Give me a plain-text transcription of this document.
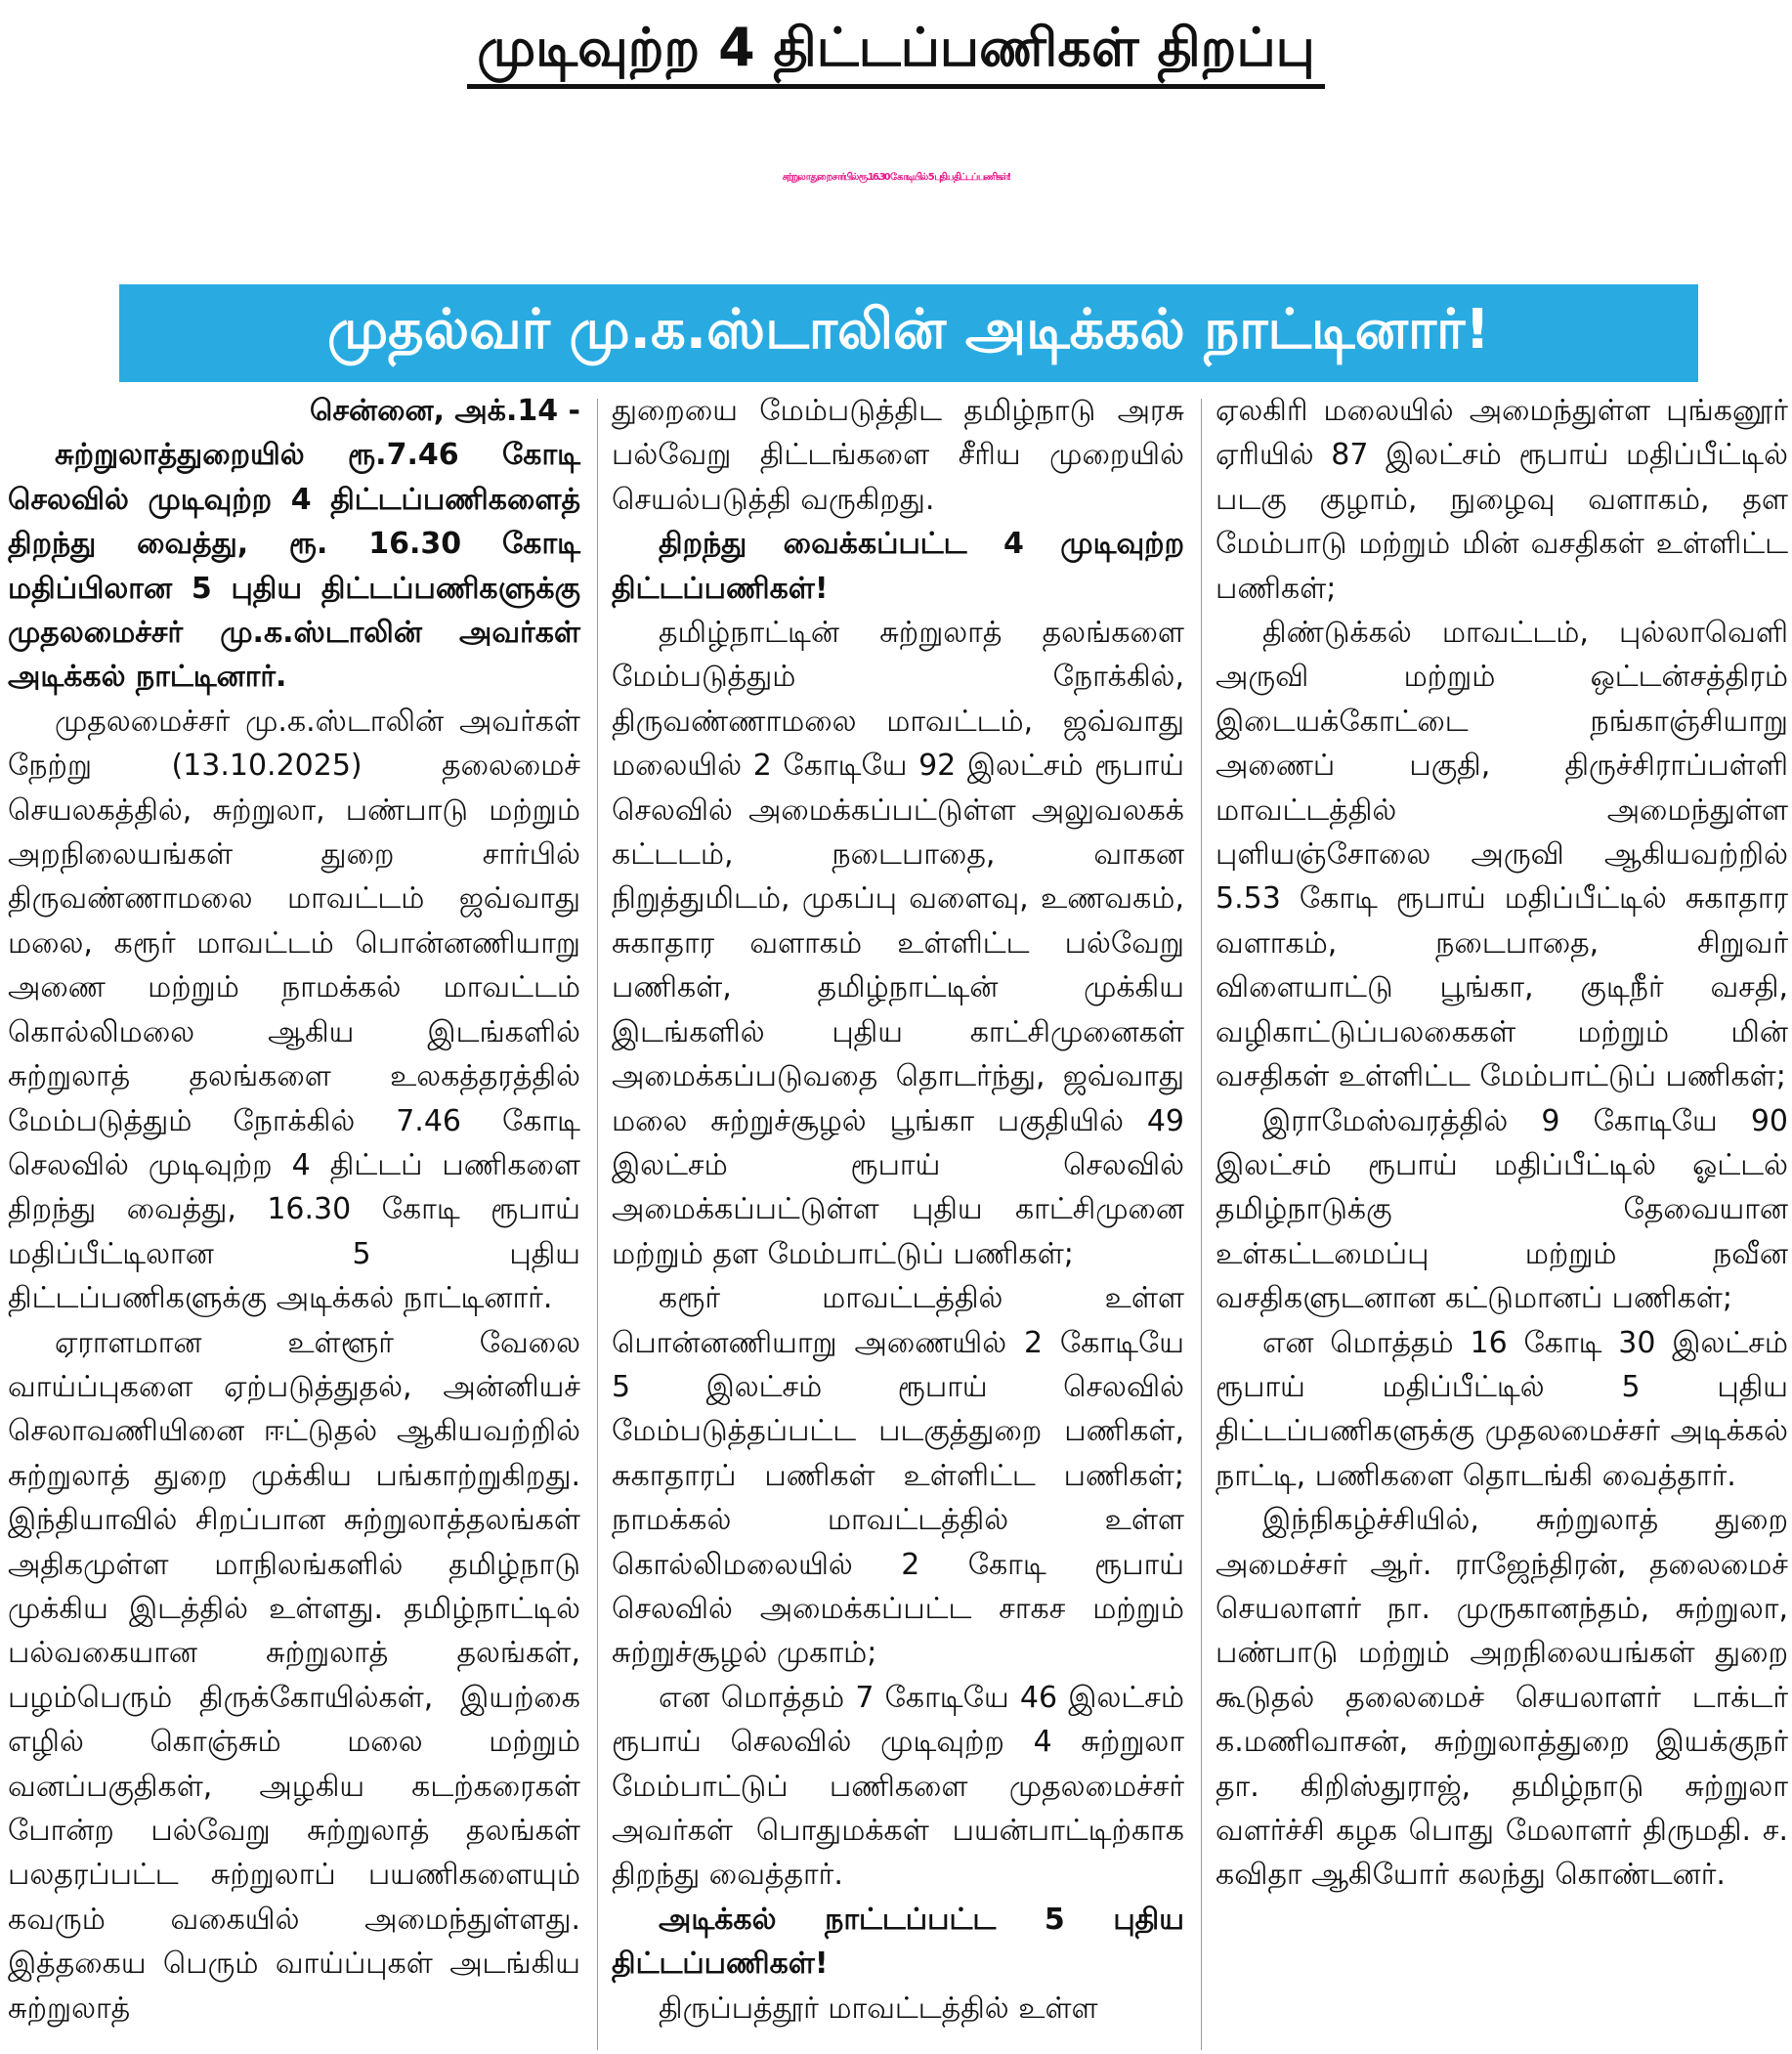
முடிவுற்ற 4 திட்டப்பணிகள் திறப்பு
சுற்றுலா துறை சார்பில் ரூ.16.30 கோடியில் 5 புதிய திட்டப் பணிகள்!
முதல்வர் மு.க.ஸ்டாலின் அடிக்கல் நாட்டினார்!
சென்னை, அக்.14 -

சுற்றுலாத்துறையில் ரூ.7.46 கோடி செலவில் முடிவுற்ற 4 திட்டப்பணிகளைத் திறந்து வைத்து, ரூ. 16.30 கோடி மதிப்பிலான 5 புதிய திட்டப்பணிகளுக்கு முதலமைச்சர் மு.க.ஸ்டாலின் அவர்கள் அடிக்கல் நாட்டினார்.

முதலமைச்சர் மு.க.ஸ்டாலின் அவர்கள் நேற்று (13.10.2025) தலைமைச் செயலகத்தில், சுற்றுலா, பண்பாடு மற்றும் அறநிலையங்கள் துறை சார்பில் திருவண்ணாமலை மாவட்டம் ஜவ்வாது மலை, கரூர் மாவட்டம் பொன்னணியாறு அணை மற்றும் நாமக்கல் மாவட்டம் கொல்லிமலை ஆகிய இடங்களில் சுற்றுலாத் தலங்களை உலகத்தரத்தில் மேம்படுத்தும் நோக்கில் 7.46 கோடி செலவில் முடிவுற்ற 4 திட்டப் பணிகளை திறந்து வைத்து, 16.30 கோடி ரூபாய் மதிப்பீட்டிலான 5 புதிய திட்டப்பணிகளுக்கு அடிக்கல் நாட்டினார்.

ஏராளமான உள்ளூர் வேலை வாய்ப்புகளை ஏற்படுத்துதல், அன்னியச் செலாவணியினை ஈட்டுதல் ஆகியவற்றில் சுற்றுலாத் துறை முக்கிய பங்காற்றுகிறது. இந்தியாவில் சிறப்பான சுற்றுலாத்தலங்கள் அதிகமுள்ள மாநிலங்களில் தமிழ்நாடு முக்கிய இடத்தில் உள்ளது. தமிழ்நாட்டில் பல்வகையான சுற்றுலாத் தலங்கள், பழம்பெரும் திருக்கோயில்கள், இயற்கை எழில் கொஞ்சும் மலை மற்றும் வனப்பகுதிகள், அழகிய கடற்கரைகள் போன்ற பல்வேறு சுற்றுலாத் தலங்கள் பலதரப்பட்ட சுற்றுலாப் பயணிகளையும் கவரும் வகையில் அமைந்துள்ளது. இத்தகைய பெரும் வாய்ப்புகள் அடங்கிய சுற்றுலாத்

துறையை மேம்படுத்திட தமிழ்நாடு அரசு பல்வேறு திட்டங்களை சீரிய முறையில் செயல்படுத்தி வருகிறது.

திறந்து வைக்கப்பட்ட 4 முடிவுற்ற திட்டப்பணிகள்!

தமிழ்நாட்டின் சுற்றுலாத் தலங்களை மேம்படுத்தும் நோக்கில், திருவண்ணாமலை மாவட்டம், ஜவ்வாது மலையில் 2 கோடியே 92 இலட்சம் ரூபாய் செலவில் அமைக்கப்பட்டுள்ள அலுவலகக் கட்டடம், நடைபாதை, வாகன நிறுத்துமிடம், முகப்பு வளைவு, உணவகம், சுகாதார வளாகம் உள்ளிட்ட பல்வேறு பணிகள், தமிழ்நாட்டின் முக்கிய இடங்களில் புதிய காட்சிமுனைகள் அமைக்கப்படுவதை தொடர்ந்து, ஜவ்வாது மலை சுற்றுச்சூழல் பூங்கா பகுதியில் 49 இலட்சம் ரூபாய் செலவில் அமைக்கப்பட்டுள்ள புதிய காட்சிமுனை மற்றும் தள மேம்பாட்டுப் பணிகள்;

கரூர் மாவட்டத்தில் உள்ள பொன்னணியாறு அணையில் 2 கோடியே 5 இலட்சம் ரூபாய் செலவில் மேம்படுத்தப்பட்ட படகுத்துறை பணிகள், சுகாதாரப் பணிகள் உள்ளிட்ட பணிகள்; நாமக்கல் மாவட்டத்தில் உள்ள கொல்லிமலையில் 2 கோடி ரூபாய் செலவில் அமைக்கப்பட்ட சாகச மற்றும் சுற்றுச்சூழல் முகாம்;

என மொத்தம் 7 கோடியே 46 இலட்சம் ரூபாய் செலவில் முடிவுற்ற 4 சுற்றுலா மேம்பாட்டுப் பணிகளை முதலமைச்சர் அவர்கள் பொதுமக்கள் பயன்பாட்டிற்காக திறந்து வைத்தார்.

அடிக்கல் நாட்டப்பட்ட 5 புதிய திட்டப்பணிகள்!

திருப்பத்தூர் மாவட்டத்தில் உள்ள

ஏலகிரி மலையில் அமைந்துள்ள புங்கனூர் ஏரியில் 87 இலட்சம் ரூபாய் மதிப்பீட்டில் படகு குழாம், நுழைவு வளாகம், தள மேம்பாடு மற்றும் மின் வசதிகள் உள்ளிட்ட பணிகள்;

திண்டுக்கல் மாவட்டம், புல்லாவெளி அருவி மற்றும் ஒட்டன்சத்திரம் இடையக்கோட்டை நங்காஞ்சியாறு அணைப் பகுதி, திருச்சிராப்பள்ளி மாவட்டத்தில் அமைந்துள்ள புளியஞ்சோலை அருவி ஆகியவற்றில் 5.53 கோடி ரூபாய் மதிப்பீட்டில் சுகாதார வளாகம், நடைபாதை, சிறுவர் விளையாட்டு பூங்கா, குடிநீர் வசதி, வழிகாட்டுப்பலகைகள் மற்றும் மின் வசதிகள் உள்ளிட்ட மேம்பாட்டுப் பணிகள்;

இராமேஸ்வரத்தில் 9 கோடியே 90 இலட்சம் ரூபாய் மதிப்பீட்டில் ஓட்டல் தமிழ்நாடுக்கு தேவையான உள்கட்டமைப்பு மற்றும் நவீன வசதிகளுடனான கட்டுமானப் பணிகள்;

என மொத்தம் 16 கோடி 30 இலட்சம் ரூபாய் மதிப்பீட்டில் 5 புதிய திட்டப்பணிகளுக்கு முதலமைச்சர் அடிக்கல் நாட்டி, பணிகளை தொடங்கி வைத்தார்.

இந்நிகழ்ச்சியில், சுற்றுலாத் துறை அமைச்சர் ஆர். ராஜேந்திரன், தலைமைச் செயலாளர் நா. முருகானந்தம், சுற்றுலா, பண்பாடு மற்றும் அறநிலையங்கள் துறை கூடுதல் தலைமைச் செயலாளர் டாக்டர் க.மணிவாசன், சுற்றுலாத்துறை இயக்குநர் தா. கிறிஸ்துராஜ், தமிழ்நாடு சுற்றுலா வளர்ச்சி கழக பொது மேலாளர் திருமதி. ச. கவிதா ஆகியோர் கலந்து கொண்டனர்.
